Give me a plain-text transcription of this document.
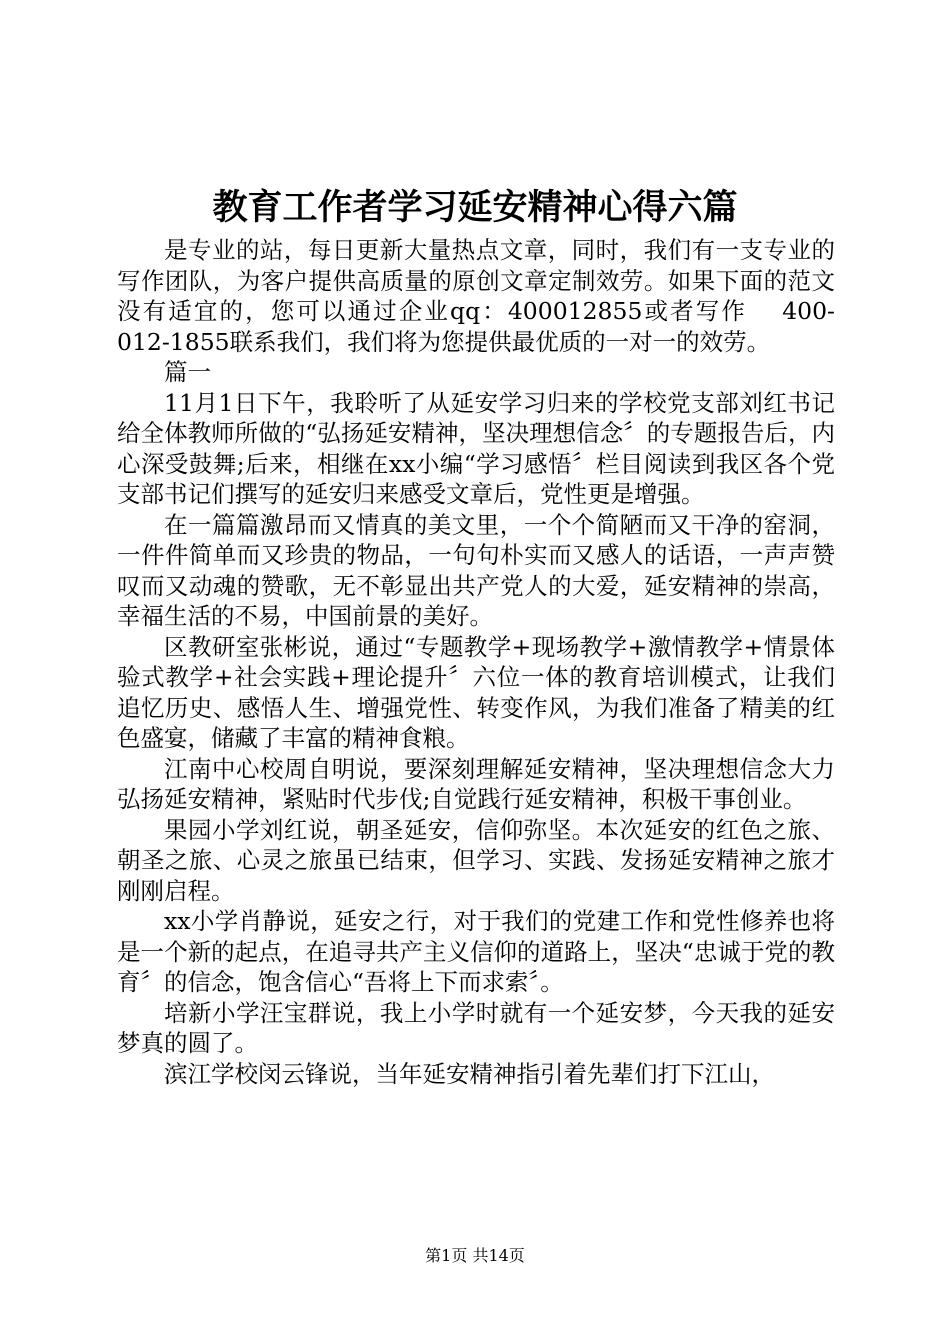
教育工作者学习延安精神心得六篇

是专业的站，每日更新大量热点文章，同时，我们有一支专业的写作团队，为客户提供高质量的原创文章定制效劳。如果下面的范文没有适宜的，您可以通过企业qq：400012855或者写作　 400-012-1855联系我们，我们将为您提供最优质的一对一的效劳。

篇一

11月1日下午，我聆听了从延安学习归来的学校党支部刘红书记给全体教师所做的“弘扬延安精神，坚决理想信念〞的专题报告后，内心深受鼓舞;后来，相继在xx小编“学习感悟〞栏目阅读到我区各个党支部书记们撰写的延安归来感受文章后，党性更是增强。

在一篇篇激昂而又情真的美文里，一个个简陋而又干净的窑洞，一件件简单而又珍贵的物品，一句句朴实而又感人的话语，一声声赞叹而又动魂的赞歌，无不彰显出共产党人的大爱，延安精神的崇高，幸福生活的不易，中国前景的美好。

区教研室张彬说，通过“专题教学+现场教学+激情教学+情景体验式教学+社会实践+理论提升〞六位一体的教育培训模式，让我们追忆历史、感悟人生、增强党性、转变作风，为我们准备了精美的红色盛宴，储藏了丰富的精神食粮。

江南中心校周自明说，要深刻理解延安精神，坚决理想信念大力弘扬延安精神，紧贴时代步伐;自觉践行延安精神，积极干事创业。

果园小学刘红说，朝圣延安，信仰弥坚。本次延安的红色之旅、朝圣之旅、心灵之旅虽已结束，但学习、实践、发扬延安精神之旅才刚刚启程。

xx小学肖静说，延安之行，对于我们的党建工作和党性修养也将是一个新的起点，在追寻共产主义信仰的道路上，坚决“忠诚于党的教育〞的信念，饱含信心“吾将上下而求索〞。

培新小学汪宝群说，我上小学时就有一个延安梦，今天我的延安梦真的圆了。

滨江学校闵云锋说，当年延安精神指引着先辈们打下江山，

第1页 共14页
